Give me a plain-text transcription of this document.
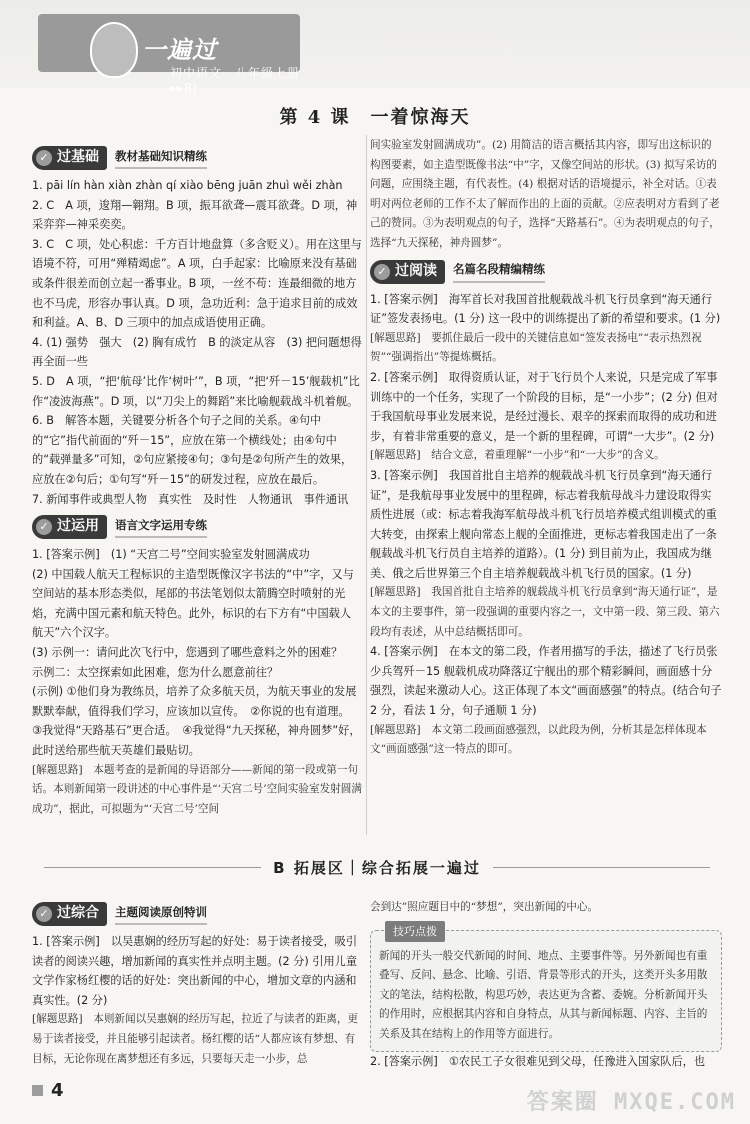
一遍过
初中语文　八年级上册 ▸▸RJ
第 4 课　一着惊海天
✓ 过基础 教材基础知识精练

1. pāi lín hàn xiàn zhàn qí xiào bēng juān zhuì wěi zhàn

2. C　A 项，逡翔—翱翔。B 项，振耳欲聋—震耳欲聋。D 项，神采弈弈—神采奕奕。

3. C　C 项，处心积虑：千方百计地盘算（多含贬义）。用在这里与语境不符，可用“殚精竭虑”。A 项，白手起家：比喻原来没有基础或条件很差而创立起一番事业。B 项，一丝不苟：连最细微的地方也不马虎，形容办事认真。D 项，急功近利：急于追求目前的成效和利益。A、B、D 三项中的加点成语使用正确。

4. (1) 强势　强大　(2) 胸有成竹　B 的淡定从容　(3) 把问题想得再全面一些

5. D　A 项，“把‘航母’比作‘树叶’”，B 项，“把‘歼－15’舰载机”比作“凌波海燕”。D 项，以“刀尖上的舞蹈”来比喻舰载战斗机着舰。

6. B　解答本题，关键要分析各个句子之间的关系。④句中的“它”指代前面的“歼－15”，应放在第一个横线处；由④句中的“载弹量多”可知，②句应紧接④句；③句是②句所产生的效果，应放在②句后；①句写“歼－15”的研发过程，应放在最后。

7. 新闻事件或典型人物　真实性　及时性　人物通讯　事件通讯

✓ 过运用 语言文字运用专练

1. [答案示例]　(1) “天宫二号”空间实验室发射圆满成功

(2) 中国载人航天工程标识的主造型既像汉字书法的“中”字，又与空间站的基本形态类似，尾部的书法笔划似太箭腾空时喷射的光焰，充满中国元素和航天特色。此外，标识的右下方有“中国载人航天”六个汉字。

(3) 示例一：请问此次飞行中，您遇到了哪些意料之外的困难？

示例二：太空探索如此困难，您为什么愿意前往？

(示例) ①他们身为教练员，培养了众多航天员，为航天事业的发展默默奉献，值得我们学习，应该加以宣传。　②你说的也有道理。

③我觉得“天路基石”更合适。　④我觉得“九天探秘，神舟圆梦”好，此时送给那些航天英雄们最贴切。

[解题思路]　本题考查的是新闻的导语部分——新闻的第一段或第一句话。本则新闻第一段讲述的中心事件是“‘天宫二号’空间实验室发射圆满成功”，据此，可拟题为“‘天宫二号’空间

间实验室发射圆满成功”。(2) 用简洁的语言概括其内容，即写出这标识的构图要素，如主造型既像书法“中”字，又像空间站的形状。(3) 拟写采访的问题，应围绕主题，有代表性。(4) 根据对话的语境提示，补全对话。①表明对两位老师的工作不太了解而作出的上面的贡献。②应表明对方看到了老己的赞同。③为表明观点的句子，选择“天路基石”。④为表明观点的句子，选择“九天探秘，神舟圆梦”。

✓ 过阅读 名篇名段精编精练

1. [答案示例]　海军首长对我国首批舰载战斗机飞行员拿到“海天通行证”签发表扬电。(1 分) 这一段中的训练提出了新的希望和要求。(1 分)

[解题思路]　要抓住最后一段中的关键信息如“签发表扬电”“表示热烈祝贺”“强调指出”等提炼概括。

2. [答案示例]　取得资质认证，对于飞行员个人来说，只是完成了军事训练中的一个任务，实现了一个阶段的目标，是“一小步”；(2 分) 但对于我国航母事业发展来说，是经过漫长、艰辛的探索而取得的成功和进步，有着非常重要的意义，是一个新的里程碑，可谓“一大步”。(2 分)

[解题思路]　结合文意，着重理解“一小步”和“一大步”的含义。

3. [答案示例]　我国首批自主培养的舰载战斗机飞行员拿到“海天通行证”，是我航母事业发展中的里程碑，标志着我航母战斗力建设取得实质性进展（或：标志着我海军航母战斗机飞行员培养模式组训模式的重大转变，由探索上舰向常态上舰的全面推进，更标志着我国走出了一条舰载战斗机飞行员自主培养的道路）。(1 分) 到目前为止，我国成为继美、俄之后世界第三个自主培养舰载战斗机飞行员的国家。(1 分)

[解题思路]　我国首批自主培养的舰载战斗机飞行员拿到“海天通行证”，是本文的主要事件，第一段强调的重要内容之一，文中第一段、第三段、第六段均有表述，从中总结概括即可。

4. [答案示例]　在本文的第二段，作者用描写的手法，描述了飞行员张少兵驾歼－15 舰载机成功降落辽宁舰出的那个精彩瞬间，画面感十分强烈，读起来激动人心。这正体现了本文“画面感强”的特点。(结合句子 2 分，看法 1 分，句子通顺 1 分)

[解题思路]　本文第二段画面感强烈，以此段为例，分析其是怎样体现本文“画面感强”这一特点的即可。

B 拓展区｜综合拓展一遍过
✓ 过综合 主题阅读原创特训

1. [答案示例]　以吴惠娴的经历写起的好处：易于读者接受，吸引读者的阅读兴趣，增加新闻的真实性并点明主题。(2 分) 引用儿童文学作家杨红樱的话的好处：突出新闻的中心，增加文章的内涵和真实性。(2 分)

[解题思路]　本则新闻以吴惠娴的经历写起，拉近了与读者的距离，更易于读者接受，并且能够引起读者。杨红樱的话“人都应该有梦想、有目标，无论你现在离梦想还有多远，只要每天走一小步，总

会到达”照应题目中的“梦想”，突出新闻的中心。

技巧点拨

新闻的开头一般交代新闻的时间、地点、主要事件等。另外新闻也有重叠写、反问、悬念、比喻、引语、背景等形式的开头，这类开头多用散文的笔法，结构松散，构思巧妙，表达更为含蓄、委婉。分析新闻开头的作用时，应根据其内容和自身特点，从其与新闻标题、内容、主旨的关系及其在结构上的作用等方面进行。

2. [答案示例]　①农民工子女很难见到父母，任豫进入国家队后，也

4	答案圈 MXQE.COM
